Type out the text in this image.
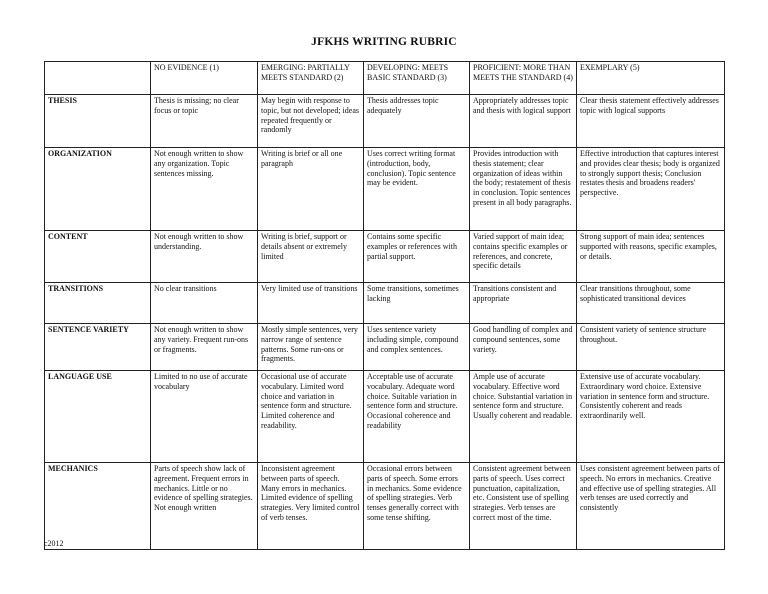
JFKHS WRITING RUBRIC
	NO EVIDENCE (1)	EMERGING: PARTIALLY MEETS STANDARD (2)	DEVELOPING: MEETS BASIC STANDARD (3)	PROFICIENT: MORE THAN MEETS THE STANDARD (4)	EXEMPLARY (5)
THESIS	Thesis is missing; no clear focus or topic	May begin with response to topic, but not developed; ideas repeated frequently or randomly	Thesis addresses topic adequately	Appropriately addresses topic and thesis with logical support	Clear thesis statement effectively addresses topic with logical supports
ORGANIZATION	Not enough written to show any organization. Topic sentences missing.	Writing is brief or all one paragraph	Uses correct writing format (introduction, body, conclusion). Topic sentence may be evident.	Provides introduction with thesis statement; clear organization of ideas within the body; restatement of thesis in conclusion. Topic sentences present in all body paragraphs.	Effective introduction that captures interest and provides clear thesis; body is organized to strongly support thesis; Conclusion restates thesis and broadens readers' perspective.
CONTENT	Not enough written to show understanding.	Writing is brief, support or details absent or extremely limited	Contains some specific examples or references with partial support.	Varied support of main idea; contains specific examples or references, and concrete, specific details	Strong support of main idea; sentences supported with reasons, specific examples, or details.
TRANSITIONS	No clear transitions	Very limited use of transitions	Some transitions, sometimes lacking	Transitions consistent and appropriate	Clear transitions throughout, some sophisticated transitional devices
SENTENCE VARIETY	Not enough written to show any variety. Frequent run-ons or fragments.	Mostly simple sentences, very narrow range of sentence patterns. Some run-ons or fragments.	Uses sentence variety including simple, compound and complex sentences.	Good handling of complex and compound sentences, some variety.	Consistent variety of sentence structure throughout.
LANGUAGE USE	Limited to no use of accurate vocabulary	Occasional use of accurate vocabulary. Limited word choice and variation in sentence form and structure. Limited coherence and readability.	Acceptable use of accurate vocabulary. Adequate word choice. Suitable variation in sentence form and structure. Occasional coherence and readability	Ample use of accurate vocabulary. Effective word choice. Substantial variation in sentence form and structure. Usually coherent and readable.	Extensive use of accurate vocabulary. Extraordinary word choice. Extensive variation in sentence form and structure. Consistently coherent and reads extraordinarily well.
MECHANICS	Parts of speech show lack of agreement. Frequent errors in mechanics. Little or no evidence of spelling strategies. Not enough written	Inconsistent agreement between parts of speech. Many errors in mechanics. Limited evidence of spelling strategies. Very limited control of verb tenses.	Occasional errors between parts of speech. Some errors in mechanics. Some evidence of spelling strategies. Verb tenses generally correct with some tense shifting.	Consistent agreement between parts of speech. Uses correct punctuation, capitalization, etc. Consistent use of spelling strategies. Verb tenses are correct most of the time.	Uses consistent agreement between parts of speech. No errors in mechanics. Creative and effective use of spelling strategies. All verb tenses are used correctly and consistently
c2012
